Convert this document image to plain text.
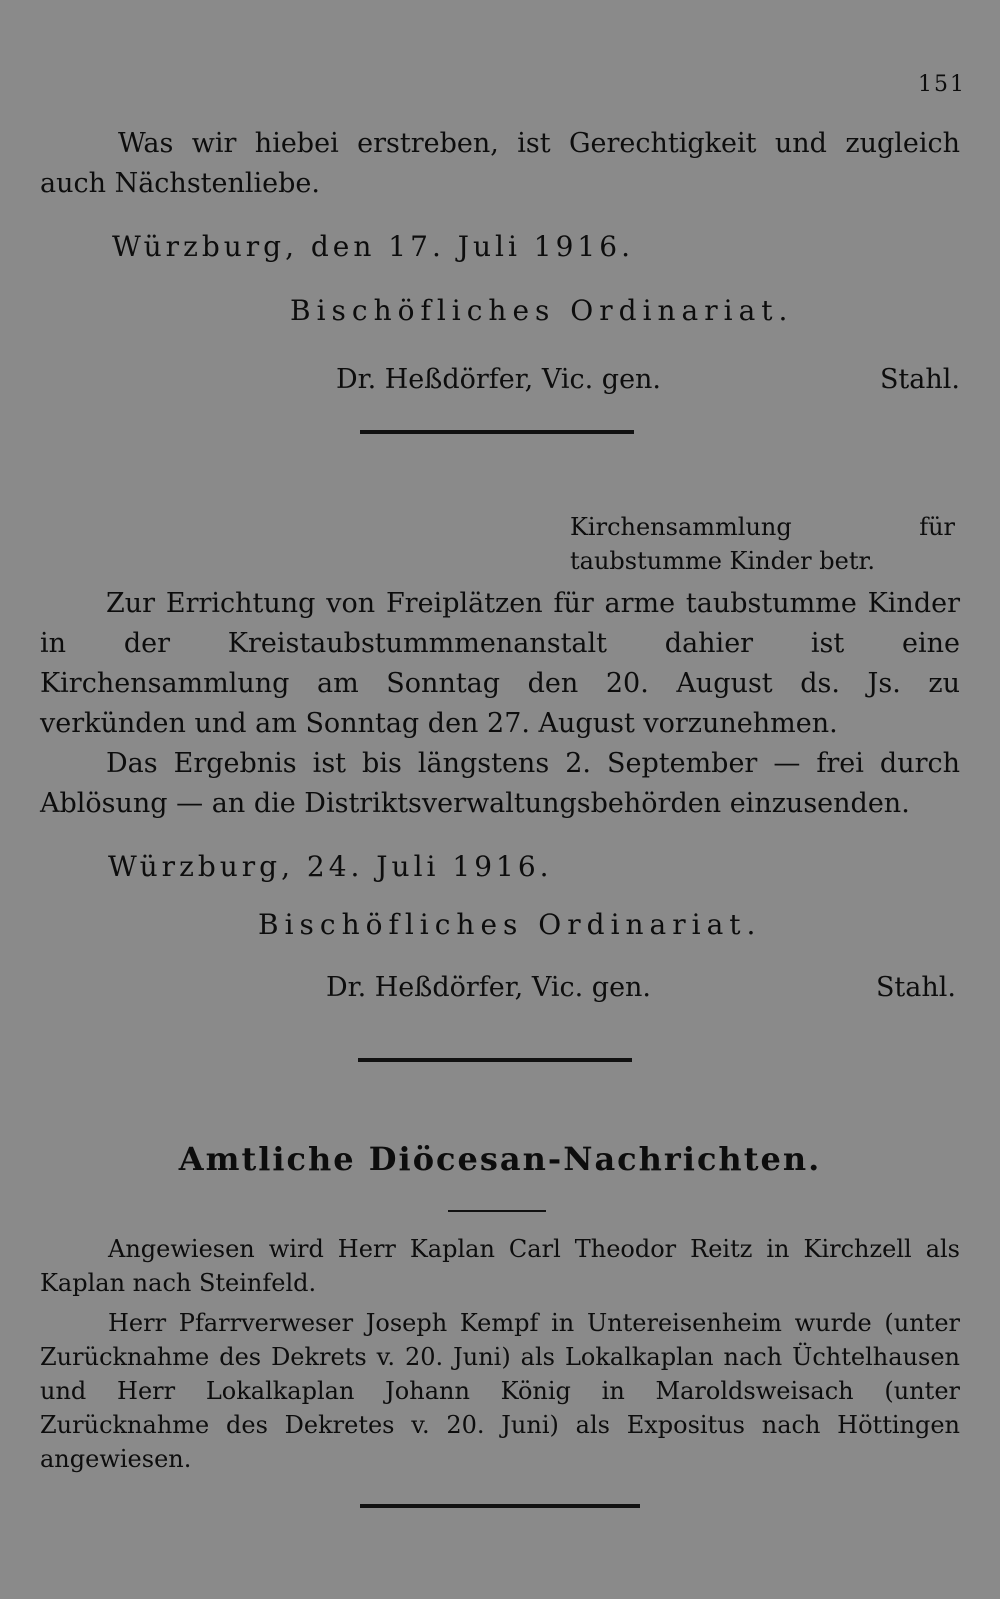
151
Was wir hiebei erstreben, ist Gerechtigkeit und zugleich auch Nächstenliebe.
Würzburg, den 17. Juli 1916.
Bischöfliches Ordinariat.
Dr. Heßdörfer, Vic. gen.	Stahl.
Kirchensammlung für taubstumme Kinder betr.
Zur Errichtung von Freiplätzen für arme taubstumme Kinder in der Kreistaubstummmenanstalt dahier ist eine Kirchensammlung am Sonntag den 20. August ds. Js. zu verkünden und am Sonntag den 27. August vorzunehmen.
Das Ergebnis ist bis längstens 2. September — frei durch Ablösung — an die Distriktsverwaltungsbehörden einzusenden.
Würzburg, 24. Juli 1916.
Bischöfliches Ordinariat.
Dr. Heßdörfer, Vic. gen.	Stahl.
Amtliche Diöcesan-Nachrichten.
Angewiesen wird Herr Kaplan Carl Theodor Reitz in Kirchzell als Kaplan nach Steinfeld.
Herr Pfarrverweser Joseph Kempf in Untereisenheim wurde (unter Zurücknahme des Dekrets v. 20. Juni) als Lokalkaplan nach Üchtelhausen und Herr Lokalkaplan Johann König in Maroldsweisach (unter Zurücknahme des Dekretes v. 20. Juni) als Expositus nach Höttingen angewiesen.
